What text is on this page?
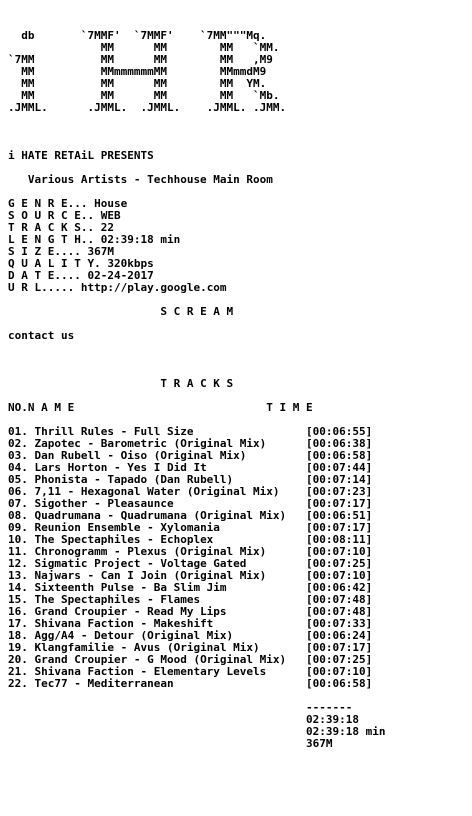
db       `7MMF'  `7MMF'    `7MM"""Mq.
MM      MM        MM   `MM.
`7MM          MM      MM        MM   ,M9
MM          MMmmmmmmMM        MMmmdM9
MM          MM      MM        MM  YM.
MM          MM      MM        MM   `Mb.
.JMML.      .JMML.  .JMML.    .JMML. .JMM.

i HATE RETAiL PRESENTS

Various Artists - Techhouse Main Room

G E N R E... House
S O U R C E.. WEB
T R A C K S.. 22
L E N G T H.. 02:39:18 min
S I Z E.... 367M
Q U A L I T Y. 320kbps
D A T E.... 02-24-2017
U R L..... http://play.google.com

S C R E A M

contact us

T R A C K S

NO.N A M E	T I M E

01. Thrill Rules - Full Size	[00:06:55]
02. Zapotec - Barometric (Original Mix)	[00:06:38]
03. Dan Rubell - Oiso (Original Mix)	[00:06:58]
04. Lars Horton - Yes I Did It	[00:07:44]
05. Phonista - Tapado (Dan Rubell)	[00:07:14]
06. 7,11 - Hexagonal Water (Original Mix) [00:07:23]
07. Sigother - Pleasaunce	[00:07:17]
08. Quadrumana - Quadrumana (Original Mix) [00:06:51]
09. Reunion Ensemble - Xylomania	[00:07:17]
10. The Spectaphiles - Echoplex	[00:08:11]
11. Chronogramm - Plexus (Original Mix)	[00:07:10]
12. Sigmatic Project - Voltage Gated	[00:07:25]
13. Najwars - Can I Join (Original Mix)	[00:07:10]
14. Sixteenth Pulse - Ba Slim Jim	[00:06:42]
15. The Spectaphiles - Flames	[00:07:48]
16. Grand Croupier - Read My Lips	[00:07:48]
17. Shivana Faction - Makeshift	[00:07:33]
18. Agg/A4 - Detour (Original Mix)	[00:06:24]
19. Klangfamilie - Avus (Original Mix)	[00:07:17]
20. Grand Croupier - G Mood (Original Mix) [00:07:25]
21. Shivana Faction - Elementary Levels	[00:07:10]
22. Tec77 - Mediterranean	[00:06:58]

-------
02:39:18
02:39:18 min
367M
